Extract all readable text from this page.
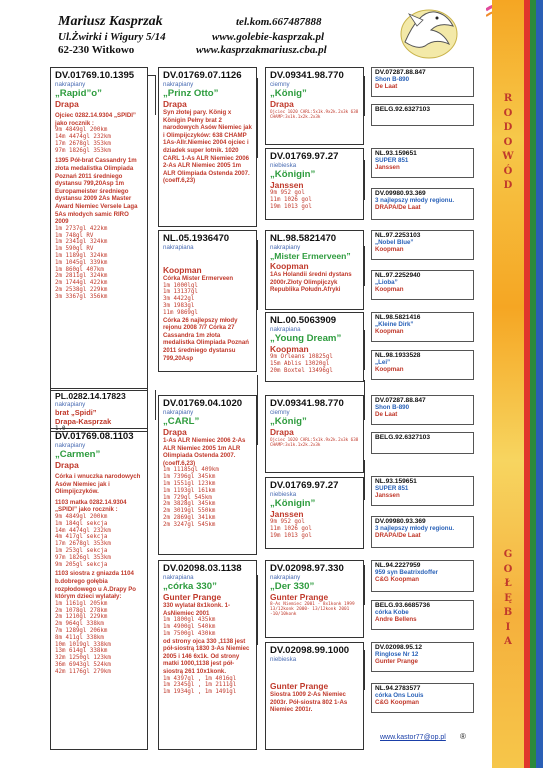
Mariusz Kasprzak
Ul.Żwirki i Wigury 5/14
62-230 Witkowo
tel.kom.667487888
www.golebie-kasprzak.pl
www.kasprzakmariusz.cba.pl
R
O
D
O
W
Ó
D
G
O
Ł
Ę
B
I
A
DV.01769.10.1395
nakrapiany
„Rapid”o”
Drapa
Ojciec 0282.14.9304 „SPIDI” jako rocznik :
9m 4849gl 200km
14m 4474gl 232km
17m 2678gl 353km
97m 1826gl 353km
1395 Pół-brat Cassandry 1m złota medalistka Olimpiada Poznań 2011 średniego dystansu 799,20Asp 1m Europameister średniego dystansu 2009 2As Master Award Niemiec Versele Laga 5As młodych samic RIRO 2009
1m 2737gl 422km
1m 748gl RV
1m 2341gl 324km
1m 590gl RV
1m 1189gl 324km
1m 1045gl 339km
1m 860gl 407km
2m 2811gl 324km
2m 1744gl 422km
2m 2538gl 229km
3m 3367gl 356km
PL.0282.14.17823
nakrapiany
brat „Spidi”
Drapa-Kasprzak
1.0
DV.01769.08.1103
nakrapiany
„Carmen”
Drapa
Córka i wnuczka narodowych Asów Niemiec jak i Olimpijczyków.
1103 matka 0282.14.9304 „SPIDI” jako rocznik :
9m 4849gl 200km
1m 184gl sekcja
14m 4474gl 232km
4m 417gl sekcja
17m 2678gl 353km
1m 253gl sekcja
97m 1826gl 353km
9m 205gl sekcja
1103 siostra z gniazda 1104 b.dobrego gołębia rozpłodowego u A.Drapy Po którym dzieci wylatały:
1m 1161gl 205km
2m 1078gl 278km
2m 1210gl 229km
2m 964gl 338km
7m 1289gl 206km
8m 411gl 338km
10m 1019gl 338km
13m 614gl 338km
32m 1250gl 123km
36m 6943gl 524km
42m 1176gl 279km
DV.01769.07.1126
nakrapiany
„Prinz Otto”
Drapa
Syn złotej pary. König x Königin Pełny brat 2 narodowych Asów Niemiec jak i Olimpijczyków: 638 CHAMP 1As-Allr.Niemiec 2004 ojciec i dziadek super lotnik. 1020 CARL 1-As ALR Niemiec 2006 2-As ALR Niemiec 2005 1m ALR Olimpiada Ostenda 2007.(coeff.6,23)
NL.05.1936470
nakrapiana
Koopman
Córka Mister Ermerveen
1m 1000lgl
1m 13137gl
3m 4422gl
3m 1983gl
11m 9869gl
Córka 26 najlepszy młody rejonu 2008 7/7 Córka 27 Cassandra 1m złota medalistka Olimpiada Poznań 2011 średniego dystansu 799,20Asp
DV.01769.04.1020
nakrapiany
„CARL”
Drapa
1-As ALR Niemiec 2006 2-As ALR Niemiec 2005 1m ALR Olimpiada Ostenda 2007.(coeff.6,23)
1m 11185gl 409km
1m 7396gl 345km
1m 1551gl 123km
1m 1193gl 161km
1m 729gl 545km
2m 3828gl 345km
2m 3019gl 550km
2m 2869gl 341km
2m 3247gl 545km
DV.02098.03.1138
nakrapiana
„córka 330”
Gunter Prange
330 wylatał 8x1konk. 1-AsNiemiec 2001
1m 1800gl 435km
1m 4900gl 540km
1m 7500gl 430km
od strony ojca 330 ,1138 jest pół-siostrą 1830 3-As Niemiec 2005 i 146 6x1k. Od strony matki 1000,1138 jest pół-siostrą 261 10x1konk.
1m 4397gl , 1m 4016gl
1m 2345gl , 1m 2111gl
1m 1934gl , 1m 1491gl
DV.09341.98.770
ciemny
„König”
Drapa
Ojciec 1020 CARL:5x1k.9x2k.2x3k 638 CHAMP:3x1k.1x2k.2x3k
DV.01769.97.27
niebieska
„Königin”
Janssen
9m 952 gol
11m 1026 gol
19m 1013 gol
NL.98.5821470
nakrapiany
„Mister Ermerveen”
Koopman
1As Holandii średni dystans 2000r.Złoty Olimpijczyk Republika Połudn.Afryki
NL.00.5063909
nakrapiana
„Young Dream”
Koopman
9m Orleans 10825gl
15m Ablis 13020gl
20m Boxtel 13496gl
DV.09341.98.770
ciemny
„König”
Drapa
Ojciec 1020 CARL:5x1k.9x2k.2x3k 638 CHAMP:3x1k.1x2k.2x3k
DV.01769.97.27
niebieska
„Königin”
Janssen
9m 952 gol
11m 1026 gol
19m 1013 gol
DV.02098.97.330
nakrapiany
„Der 330”
Gunter Prange
8-As Niemiec 2001 - 8x1konk 1999 13/12konk 2000- 13/12konk 2001 -10/10konk
DV.02098.99.1000
niebieska
Gunter Prange
Siostra 1009 2-As Niemiec 2003r. Pół-siostra 802 1-As Niemiec 2001r.
DV.07287.88.847
Shon B-890
De Laat
BELG.92.6327103
NL.93.159651
SUPER 851
Janssen
DV.09980.93.369
3 najlepszy młody regionu.
DRAPA/De Laat
NL.97.2253103
„Nobel Blue”
Koopman
NL.97.2252940
„Lioba”
Koopman
NL.98.5821416
„Kleine Dirk”
Koopman
NL.98.1933528
„Lei”
Koopman
DV.07287.88.847
Shon B-890
De Laat
BELG.92.6327103
NL.93.159651
SUPER 851
Janssen
DV.09980.93.369
3 najlepszy młody regionu.
DRAPA/De Laat
NL.94.2227959
959 syn Beatrixdoffer
C&G Koopman
BELG.93.6685736
córka Kobe
Andre Bellens
DV.02098.95.12
Ringlose Nr 12
Gunter Prange
NL.94.2783577
córka Ons Louis
C&G Koopman
www.kastor77@op.pl ®
